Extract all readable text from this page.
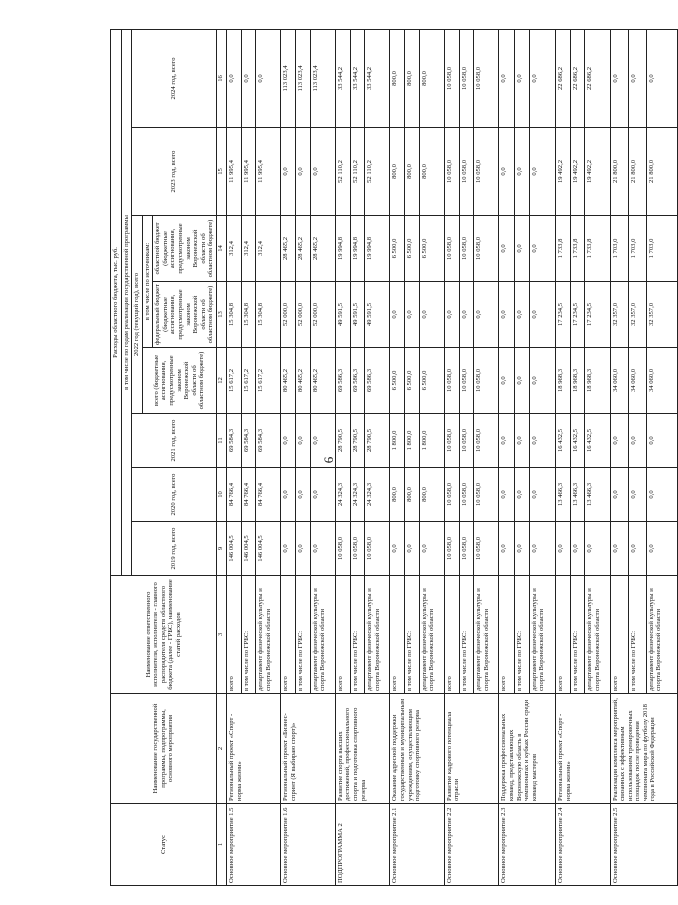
6
Статус	Наименование государственной программы, подпрограммы, основного мероприятия	Наименование ответственного исполнителя, исполнителя - главного распорядителя средств областного бюджета (далее - ГРБС), наименование статей расходов	Расходы областного бюджета, тыс. руб.							
			в том числе по годам реализации государственной программы							
			2019 год, всего	2020 год, всего	2021 год, всего	2022 год (текущий год), всего			2023 год, всего	2024 год, всего
						всего (бюджетные ассигнования, предусмотренные законом Воронежской области об областном бюджете)	в том числе по источникам:			
							федеральный бюджет (бюджетные ассигнования, предусмотренные законом Воронежской области об областном бюджете)	областной бюджет (бюджетные ассигнования, предусмотренные законом Воронежской области об областном бюджете)		
1	2	3	9	10	11	12	13	14	15	16
Основное мероприятие 1.5	Региональный проект «Спорт - норма жизни»	всего	146 004,5	84 766,4	69 584,3	15 617,2	15 304,8	312,4	11 995,4	0,0
		в том числе по ГРБС:	146 004,5	84 766,4	69 584,3	15 617,2	15 304,8	312,4	11 995,4	0,0
		департамент физической культуры и спорта Воронежской области	146 004,5	84 766,4	69 584,3	15 617,2	15 304,8	312,4	11 995,4	0,0
Основное мероприятие 1.6	Региональный проект «Бизнес-спринт (Я выбираю спорт)»	всего	0,0	0,0	0,0	80 465,2	52 000,0	28 465,2	0,0	113 023,4
		в том числе по ГРБС:	0,0	0,0	0,0	80 465,2	52 000,0	28 465,2	0,0	113 023,4
		департамент физической культуры и спорта Воронежской области	0,0	0,0	0,0	80 465,2	52 000,0	28 465,2	0,0	113 023,4
ПОДПРОГРАММА 2	Развитие спорта высших достижений, профессионального спорта и подготовка спортивного резерва	всего	10 058,0	24 324,3	28 790,5	69 586,3	49 591,5	19 994,8	52 110,2	33 544,2
		в том числе по ГРБС:	10 058,0	24 324,3	28 790,5	69 586,3	49 591,5	19 994,8	52 110,2	33 544,2
		департамент физической культуры и спорта Воронежской области	10 058,0	24 324,3	28 790,5	69 586,3	49 591,5	19 994,8	52 110,2	33 544,2
Основное мероприятие 2.1	Оказание адресной поддержки государственным и муниципальным учреждениям, осуществляющим подготовку спортивного резерва	всего	0,0	800,0	1 800,0	6 500,0	0,0	6 500,0	800,0	800,0
		в том числе по ГРБС:	0,0	800,0	1 800,0	6 500,0	0,0	6 500,0	800,0	800,0
		департамент физической культуры и спорта Воронежской области	0,0	800,0	1 800,0	6 500,0	0,0	6 500,0	800,0	800,0
Основное мероприятие 2.2	Развитие кадрового потенциала отрасли	всего	10 058,0	10 058,0	10 058,0	10 058,0	0,0	10 058,0	10 058,0	10 058,0
		в том числе по ГРБС:	10 058,0	10 058,0	10 058,0	10 058,0	0,0	10 058,0	10 058,0	10 058,0
		департамент физической культуры и спорта Воронежской области	10 058,0	10 058,0	10 058,0	10 058,0	0,0	10 058,0	10 058,0	10 058,0
Основное мероприятие 2.3	Поддержка профессиональных команд, представляющих Воронежскую область в чемпионатах и кубках России среди команд мастеров	всего	0,0	0,0	0,0	0,0	0,0	0,0	0,0	0,0
		в том числе по ГРБС:	0,0	0,0	0,0	0,0	0,0	0,0	0,0	0,0
		департамент физической культуры и спорта Воронежской области	0,0	0,0	0,0	0,0	0,0	0,0	0,0	0,0
Основное мероприятие 2.4	Региональный проект «Спорт - норма жизни»	всего	0,0	13 466,3	16 432,5	18 968,3	17 234,5	1 733,8	19 492,2	22 686,2
		в том числе по ГРБС:	0,0	13 466,3	16 432,5	18 968,3	17 234,5	1 733,8	19 492,2	22 686,2
		департамент физической культуры и спорта Воронежской области	0,0	13 466,3	16 432,5	18 968,3	17 234,5	1 733,8	19 492,2	22 686,2
Основное мероприятие 2.5	Реализация комплекса мероприятий, связанных с эффективным использованием тренировочных площадок после проведения чемпионата мира по футболу 2018 года в Российской Федерации	всего	0,0	0,0	0,0	34 060,0	32 357,0	1 703,0	21 800,0	0,0
		в том числе по ГРБС:	0,0	0,0	0,0	34 060,0	32 357,0	1 703,0	21 800,0	0,0
		департамент физической культуры и спорта Воронежской области	0,0	0,0	0,0	34 060,0	32 357,0	1 703,0	21 800,0	0,0
